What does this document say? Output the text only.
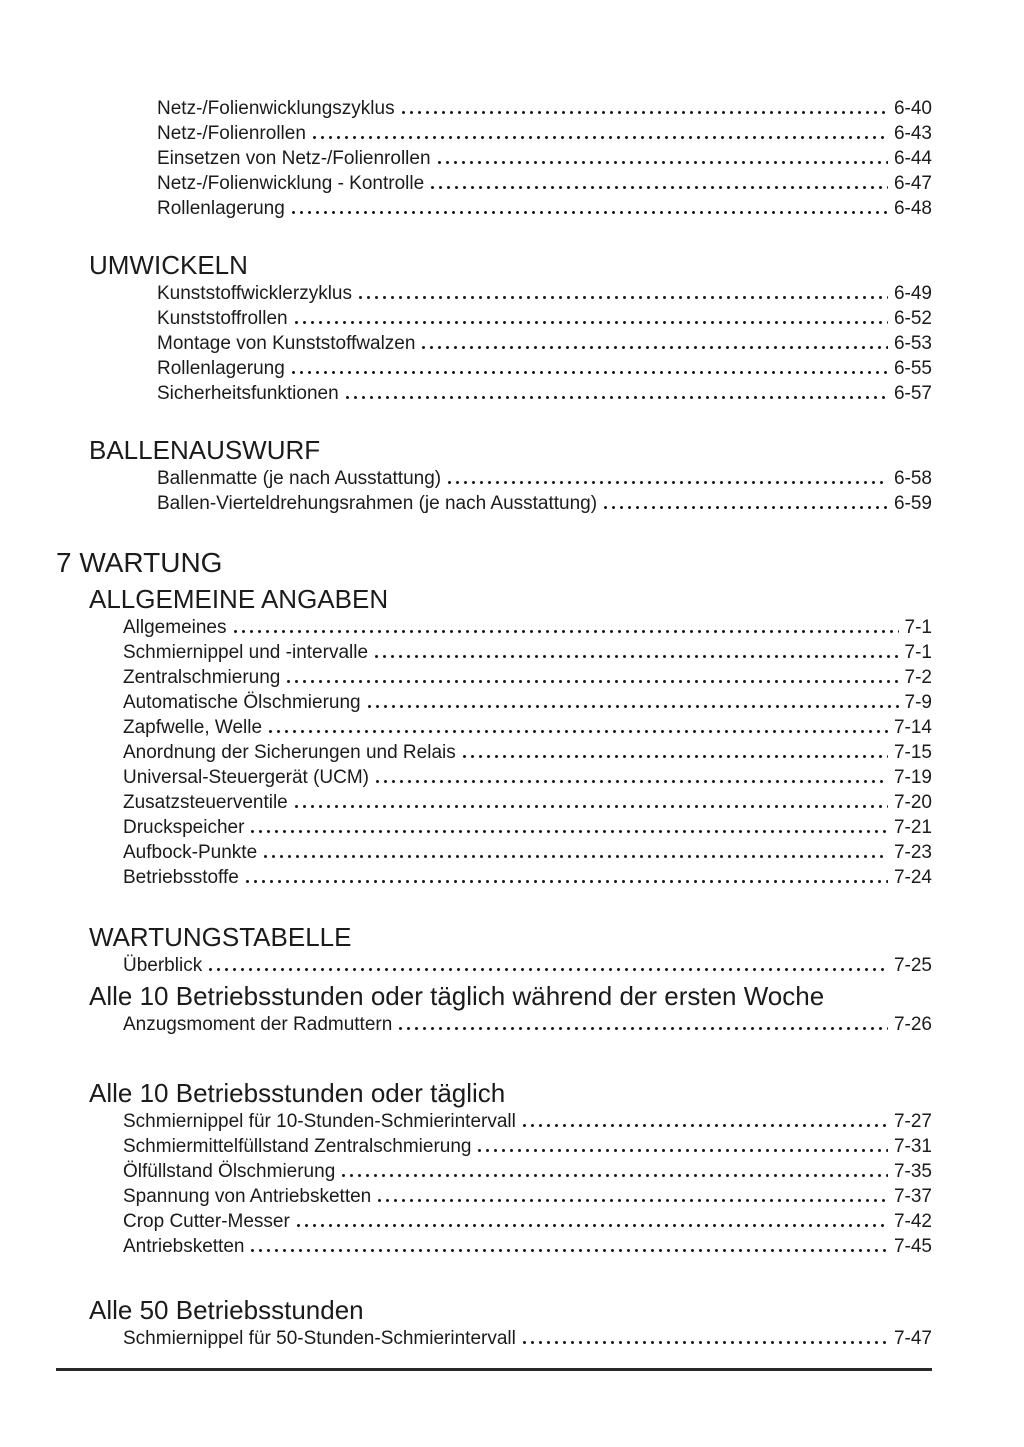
Netz-/Folienwicklungszyklus	6-40
Netz-/Folienrollen	6-43
Einsetzen von Netz-/Folienrollen	6-44
Netz-/Folienwicklung - Kontrolle	6-47
Rollenlagerung	6-48
UMWICKELN
Kunststoffwicklerzyklus	6-49
Kunststoffrollen	6-52
Montage von Kunststoffwalzen	6-53
Rollenlagerung	6-55
Sicherheitsfunktionen	6-57
BALLENAUSWURF
Ballenmatte (je nach Ausstattung)	6-58
Ballen-Vierteldrehungsrahmen (je nach Ausstattung)	6-59
7 WARTUNG
ALLGEMEINE ANGABEN
Allgemeines	7-1
Schmiernippel und -intervalle	7-1
Zentralschmierung	7-2
Automatische Ölschmierung	7-9
Zapfwelle, Welle	7-14
Anordnung der Sicherungen und Relais	7-15
Universal-Steuergerät (UCM)	7-19
Zusatzsteuerventile	7-20
Druckspeicher	7-21
Aufbock-Punkte	7-23
Betriebsstoffe	7-24
WARTUNGSTABELLE
Überblick	7-25
Alle 10 Betriebsstunden oder täglich während der ersten Woche
Anzugsmoment der Radmuttern	7-26
Alle 10 Betriebsstunden oder täglich
Schmiernippel für 10-Stunden-Schmierintervall	7-27
Schmiermittelfüllstand Zentralschmierung	7-31
Ölfüllstand Ölschmierung	7-35
Spannung von Antriebsketten	7-37
Crop Cutter-Messer	7-42
Antriebsketten	7-45
Alle 50 Betriebsstunden
Schmiernippel für 50-Stunden-Schmierintervall	7-47
